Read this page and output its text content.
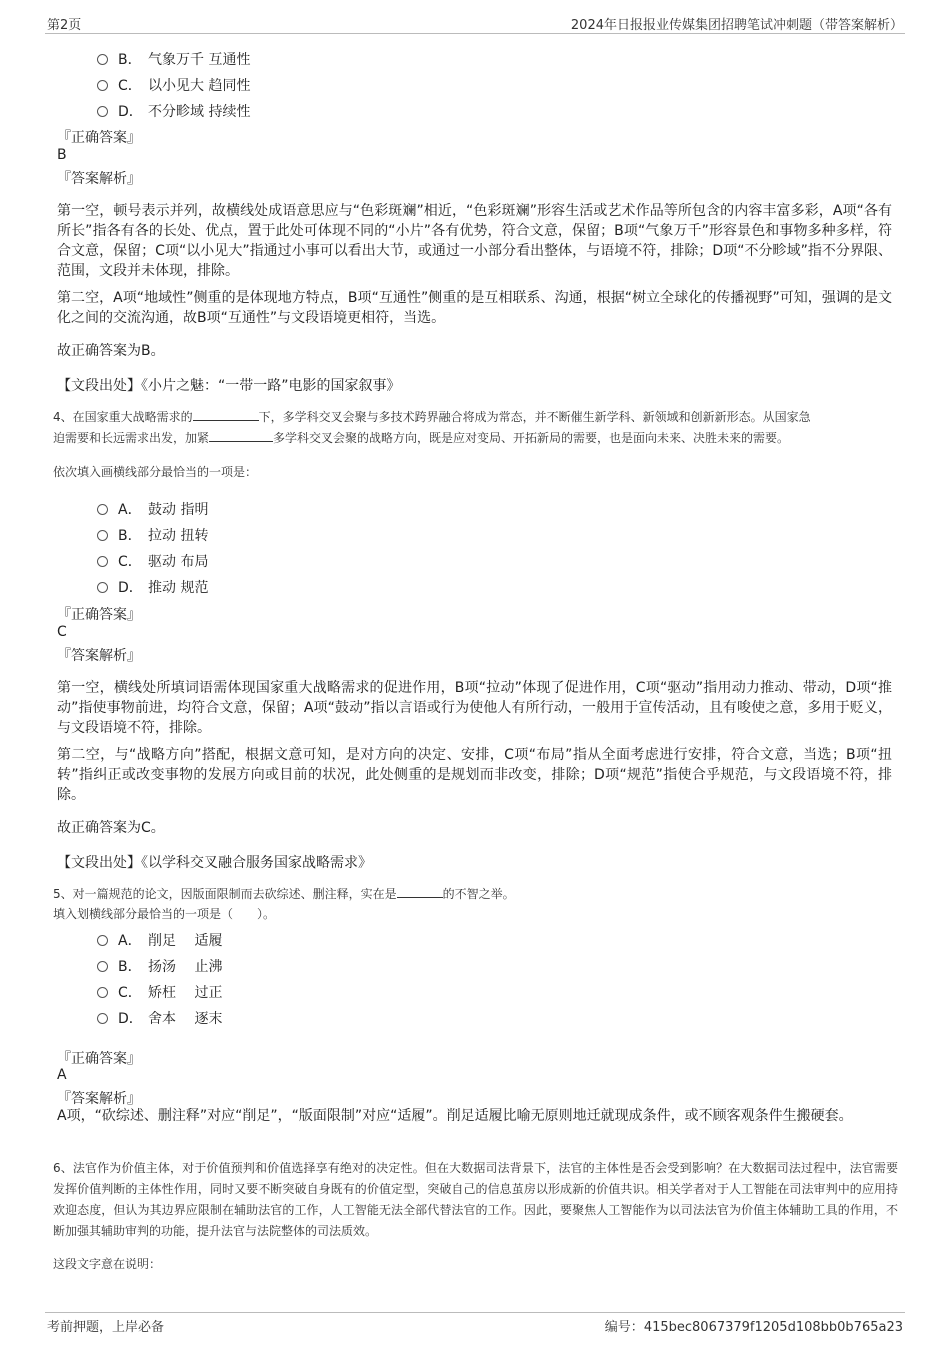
第2页	2024年日报报业传媒集团招聘笔试冲刺题（带答案解析）
B． 气象万千 互通性
C． 以小见大 趋同性
D． 不分畛域 持续性
『正确答案』
B
『答案解析』
第一空，顿号表示并列，故横线处成语意思应与“色彩斑斓”相近，“色彩斑斓”形容生活或艺术作品等所包含的内容丰富多彩，A项“各有所长”指各有各的长处、优点，置于此处可体现不同的“小片”各有优势，符合文意，保留；B项“气象万千”形容景色和事物多种多样，符合文意，保留；C项“以小见大”指通过小事可以看出大节，或通过一小部分看出整体，与语境不符，排除；D项“不分畛域”指不分界限、范围，文段并未体现，排除。
第二空，A项“地域性”侧重的是体现地方特点，B项“互通性”侧重的是互相联系、沟通，根据“树立全球化的传播视野”可知，强调的是文化之间的交流沟通，故B项“互通性”与文段语境更相符，当选。
故正确答案为B。
【文段出处】《小片之魅：“一带一路”电影的国家叙事》
4、在国家重大战略需求的	下，多学科交叉会聚与多技术跨界融合将成为常态，并不断催生新学科、新领域和创新新形态。从国家急
迫需要和长远需求出发，加紧	多学科交叉会聚的战略方向，既是应对变局、开拓新局的需要，也是面向未来、决胜未来的需要。
依次填入画横线部分最恰当的一项是：
A． 鼓动 指明
B． 拉动 扭转
C． 驱动 布局
D． 推动 规范
『正确答案』
C
『答案解析』
第一空，横线处所填词语需体现国家重大战略需求的促进作用，B项“拉动”体现了促进作用，C项“驱动”指用动力推动、带动，D项“推动”指使事物前进，均符合文意，保留；A项“鼓动”指以言语或行为使他人有所行动，一般用于宣传活动，且有唆使之意，多用于贬义，与文段语境不符，排除。
第二空，与“战略方向”搭配，根据文意可知，是对方向的决定、安排，C项“布局”指从全面考虑进行安排，符合文意，当选；B项“扭转”指纠正或改变事物的发展方向或目前的状况，此处侧重的是规划而非改变，排除；D项“规范”指使合乎规范，与文段语境不符，排除。
故正确答案为C。
【文段出处】《以学科交叉融合服务国家战略需求》
5、对一篇规范的论文，因版面限制而去砍综述、删注释，实在是	的不智之举。
填入划横线部分最恰当的一项是（　　）。
A． 削足　 适履
B． 扬汤　 止沸
C． 矫枉　 过正
D． 舍本　 逐末
『正确答案』
A
『答案解析』
A项，“砍综述、删注释”对应“削足”，“版面限制”对应“适履”。削足适履比喻无原则地迁就现成条件，或不顾客观条件生搬硬套。
6、法官作为价值主体，对于价值预判和价值选择享有绝对的决定性。但在大数据司法背景下，法官的主体性是否会受到影响？在大数据司法过程中，法官需要发挥价值判断的主体性作用，同时又要不断突破自身既有的价值定型，突破自己的信息茧房以形成新的价值共识。相关学者对于人工智能在司法审判中的应用持欢迎态度，但认为其边界应限制在辅助法官的工作，人工智能无法全部代替法官的工作。因此，要聚焦人工智能作为以司法法官为价值主体辅助工具的作用，不断加强其辅助审判的功能，提升法官与法院整体的司法质效。
这段文字意在说明：
考前押题，上岸必备	编号：415bec8067379f1205d108bb0b765a23
